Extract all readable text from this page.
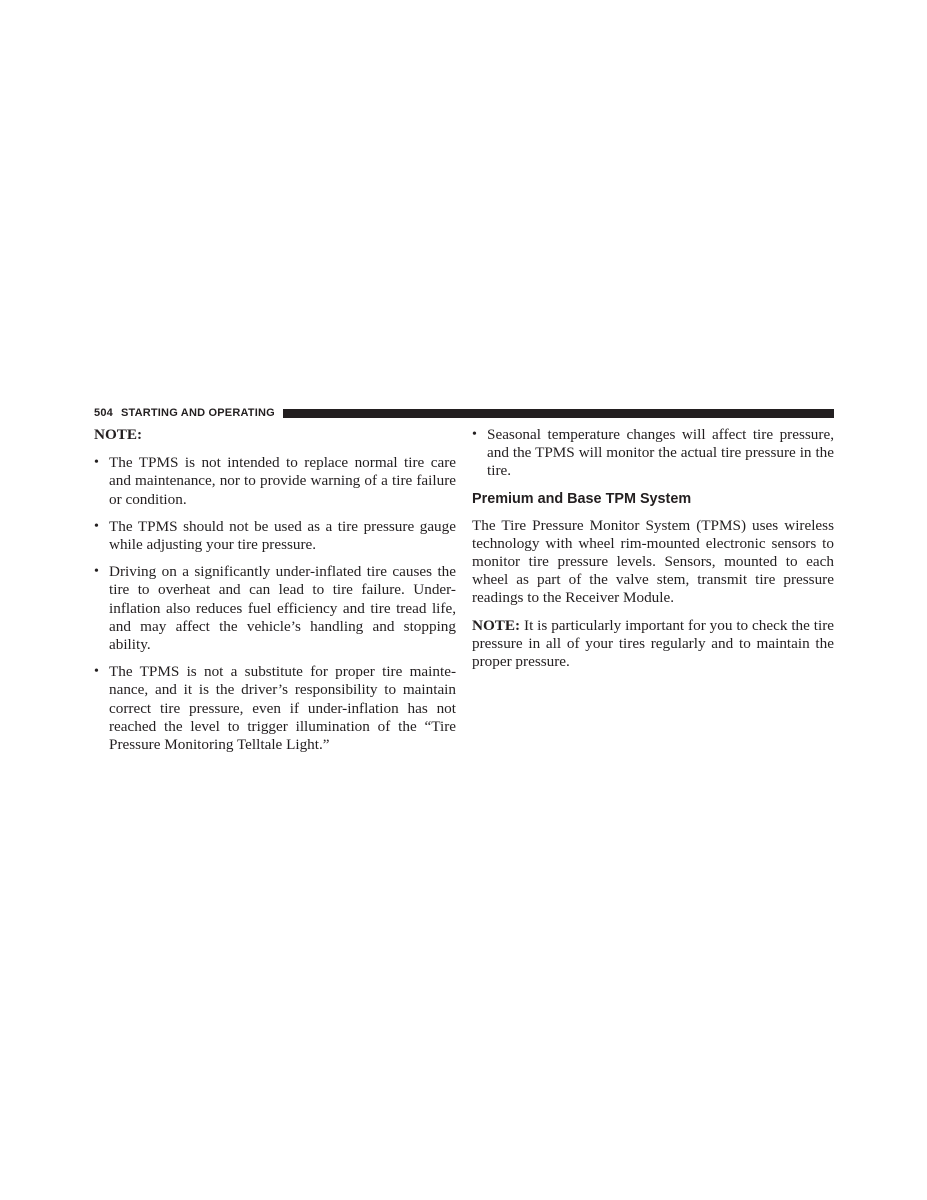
504 STARTING AND OPERATING
NOTE:
• The TPMS is not intended to replace normal tire care and maintenance, nor to provide warning of a tire failure or condition.
• The TPMS should not be used as a tire pressure gauge while adjusting your tire pressure.
• Driving on a significantly under-inflated tire causes the tire to overheat and can lead to tire failure. Under-inflation also reduces fuel efficiency and tire tread life, and may affect the vehicle’s handling and stopping ability.
• The TPMS is not a substitute for proper tire mainte-nance, and it is the driver’s responsibility to maintain correct tire pressure, even if under-inflation has not reached the level to trigger illumination of the “Tire Pressure Monitoring Telltale Light.”
• Seasonal temperature changes will affect tire pressure, and the TPMS will monitor the actual tire pressure in the tire.
Premium and Base TPM System

The Tire Pressure Monitor System (TPMS) uses wireless technology with wheel rim-mounted electronic sensors to monitor tire pressure levels. Sensors, mounted to each wheel as part of the valve stem, transmit tire pressure readings to the Receiver Module.

NOTE: It is particularly important for you to check the tire pressure in all of your tires regularly and to maintain the proper pressure.
